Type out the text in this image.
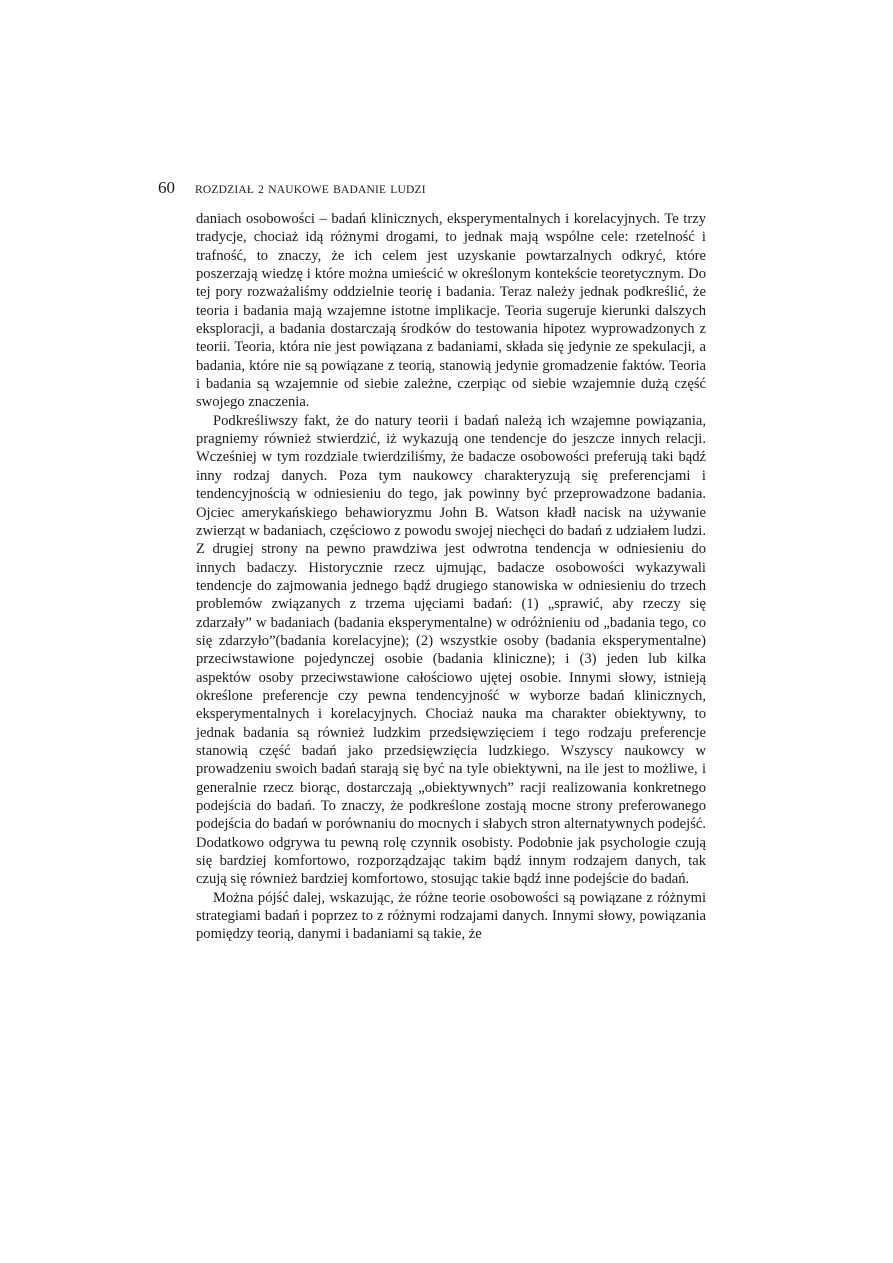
60	ROZDZIAŁ 2 NAUKOWE BADANIE LUDZI

daniach osobowości – badań klinicznych, eksperymentalnych i korelacyjnych. Te trzy tradycje, chociaż idą różnymi drogami, to jednak mają wspólne cele: rzetelność i trafność, to znaczy, że ich celem jest uzyskanie powtarzalnych odkryć, które poszerzają wiedzę i które można umieścić w określonym kontekście teoretycznym. Do tej pory rozważaliśmy oddzielnie teorię i badania. Teraz należy jednak podkreślić, że teoria i badania mają wzajemne istotne implikacje. Teoria sugeruje kierunki dalszych eksploracji, a badania dostarczają środków do testowania hipotez wyprowadzonych z teorii. Teoria, która nie jest powiązana z badaniami, składa się jedynie ze spekulacji, a badania, które nie są powiązane z teorią, stanowią jedynie gromadzenie faktów. Teoria i badania są wzajemnie od siebie zależne, czerpiąc od siebie wzajemnie dużą część swojego znaczenia.

Podkreśliwszy fakt, że do natury teorii i badań należą ich wzajemne powiązania, pragniemy również stwierdzić, iż wykazują one tendencje do jeszcze innych relacji. Wcześniej w tym rozdziale twierdziliśmy, że badacze osobowości preferują taki bądź inny rodzaj danych. Poza tym naukowcy charakteryzują się preferencjami i tendencyjnością w odniesieniu do tego, jak powinny być przeprowadzone badania. Ojciec amerykańskiego behawioryzmu John B. Watson kładł nacisk na używanie zwierząt w badaniach, częściowo z powodu swojej niechęci do badań z udziałem ludzi. Z drugiej strony na pewno prawdziwa jest odwrotna tendencja w odniesieniu do innych badaczy. Historycznie rzecz ujmując, badacze osobowości wykazywali tendencje do zajmowania jednego bądź drugiego stanowiska w odniesieniu do trzech problemów związanych z trzema ujęciami badań: (1) „sprawić, aby rzeczy się zdarzały” w badaniach (badania eksperymentalne) w odróżnieniu od „badania tego, co się zdarzyło”(badania korelacyjne); (2) wszystkie osoby (badania eksperymentalne) przeciwstawione pojedynczej osobie (badania kliniczne); i (3) jeden lub kilka aspektów osoby przeciwstawione całościowo ujętej osobie. Innymi słowy, istnieją określone preferencje czy pewna tendencyjność w wyborze badań klinicznych, eksperymentalnych i korelacyjnych. Chociaż nauka ma charakter obiektywny, to jednak badania są również ludzkim przedsięwzięciem i tego rodzaju preferencje stanowią część badań jako przedsięwzięcia ludzkiego. Wszyscy naukowcy w prowadzeniu swoich badań starają się być na tyle obiektywni, na ile jest to możliwe, i generalnie rzecz biorąc, dostarczają „obiektywnych” racji realizowania konkretnego podejścia do badań. To znaczy, że podkreślone zostają mocne strony preferowanego podejścia do badań w porównaniu do mocnych i słabych stron alternatywnych podejść. Dodatkowo odgrywa tu pewną rolę czynnik osobisty. Podobnie jak psychologie czują się bardziej komfortowo, rozporządzając takim bądź innym rodzajem danych, tak czują się również bardziej komfortowo, stosując takie bądź inne podejście do badań.

Można pójść dalej, wskazując, że różne teorie osobowości są powiązane z różnymi strategiami badań i poprzez to z różnymi rodzajami danych. Innymi słowy, powiązania pomiędzy teorią, danymi i badaniami są takie, że
